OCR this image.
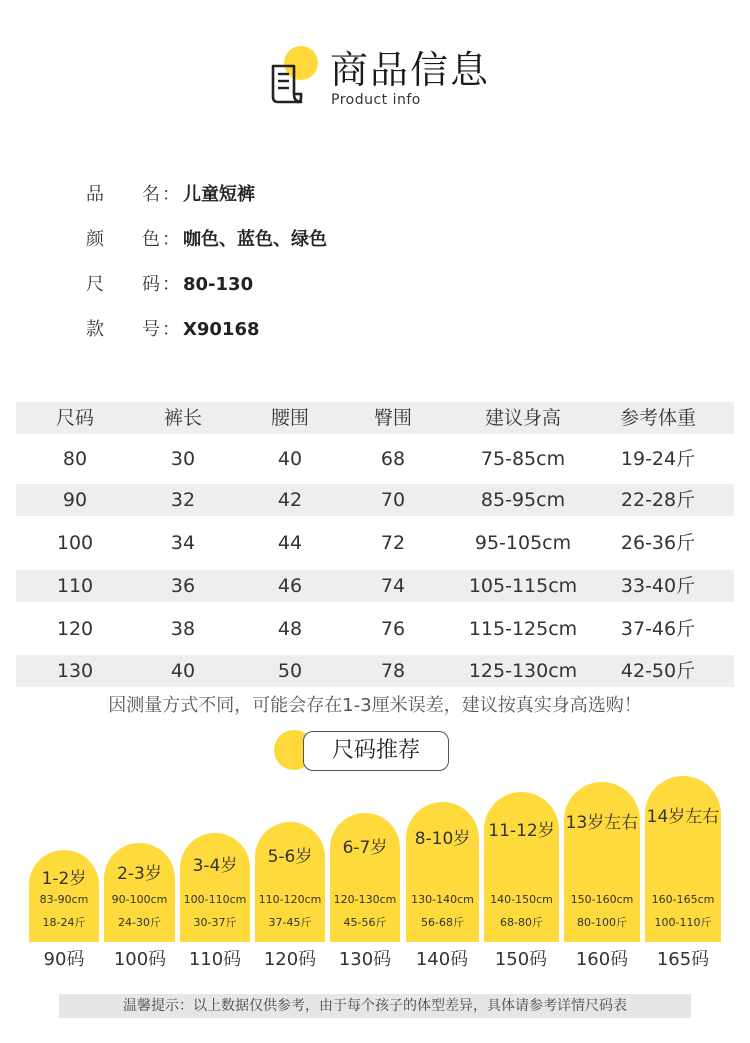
商品信息
Product info
品 名 ： 儿童短裤
颜 色 ： 咖色、蓝色、绿色
尺 码 ： 80-130
款 号 ： X90168
尺码	裤长	腰围	臀围	建议身高	参考体重
80	30	40	68	75-85cm	19-24斤
90	32	42	70	85-95cm	22-28斤
100	34	44	72	95-105cm	26-36斤
110	36	46	74	105-115cm 33-40斤
120	38	48	76	115-125cm 37-46斤
130	40	50	78	125-130cm 42-50斤
因测量方式不同，可能会存在1-3厘米误差，建议按真实身高选购！
尺码推荐
1-2岁
83-90cm
18-24斤
2-3岁
90-100cm
24-30斤
3-4岁
100-110cm
30-37斤
5-6岁
110-120cm
37-45斤
6-7岁
120-130cm
45-56斤
8-10岁
130-140cm
56-68斤
11-12岁
140-150cm
68-80斤
13岁左右
150-160cm
80-100斤
14岁左右
160-165cm
100-110斤
90码	100码	110码	120码	130码	140码	150码	160码	165码
温馨提示：以上数据仅供参考，由于每个孩子的体型差异，具体请参考详情尺码表
